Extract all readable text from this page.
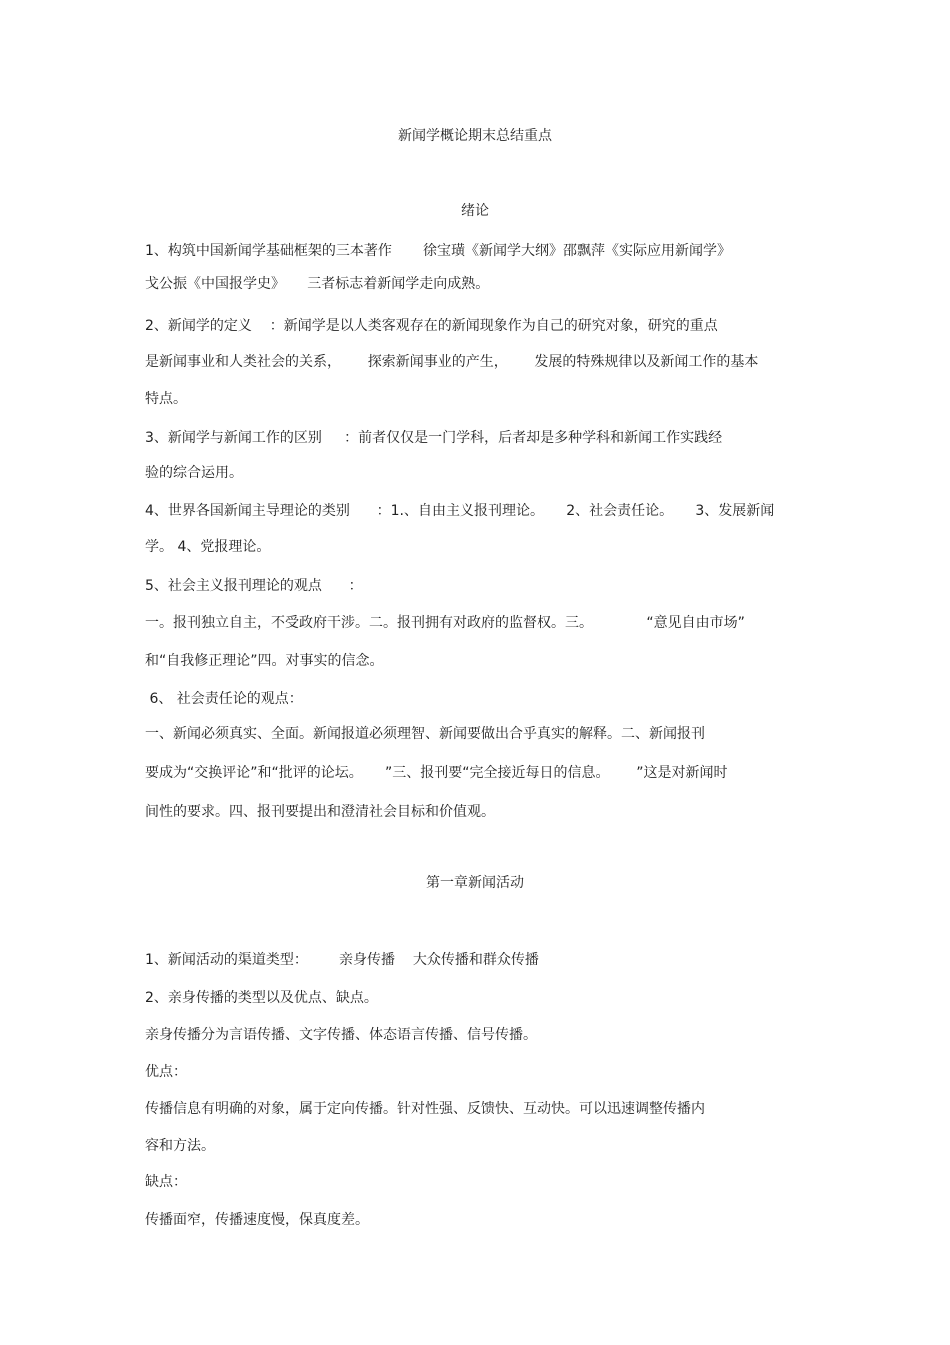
新闻学概论期末总结重点

绪论

1、构筑中国新闻学基础框架的三本著作       徐宝璜《新闻学大纲》邵飘萍《实际应用新闻学》

戈公振《中国报学史》     三者标志着新闻学走向成熟。

2、新闻学的定义    ：新闻学是以人类客观存在的新闻现象作为自己的研究对象，研究的重点

是新闻事业和人类社会的关系，      探索新闻事业的产生，      发展的特殊规律以及新闻工作的基本

特点。

3、新闻学与新闻工作的区别     ：前者仅仅是一门学科，后者却是多种学科和新闻工作实践经

验的综合运用。

4、世界各国新闻主导理论的类别      ：1.、自由主义报刊理论。     2、社会责任论。     3、发展新闻

学。 4、党报理论。

5、社会主义报刊理论的观点      ：

一。报刊独立自主，不受政府干涉。二。报刊拥有对政府的监督权。三。            “意见自由市场”

和“自我修正理论”四。对事实的信念。

6、 社会责任论的观点：

一、新闻必须真实、全面。新闻报道必须理智、新闻要做出合乎真实的解释。二、新闻报刊

要成为“交换评论”和“批评的论坛。     ”三、报刊要“完全接近每日的信息。      ”这是对新闻时

间性的要求。四、报刊要提出和澄清社会目标和价值观。

第一章新闻活动

1、新闻活动的渠道类型：       亲身传播    大众传播和群众传播

2、亲身传播的类型以及优点、缺点。

亲身传播分为言语传播、文字传播、体态语言传播、信号传播。

优点：

传播信息有明确的对象，属于定向传播。针对性强、反馈快、互动快。可以迅速调整传播内

容和方法。

缺点：

传播面窄，传播速度慢，保真度差。
